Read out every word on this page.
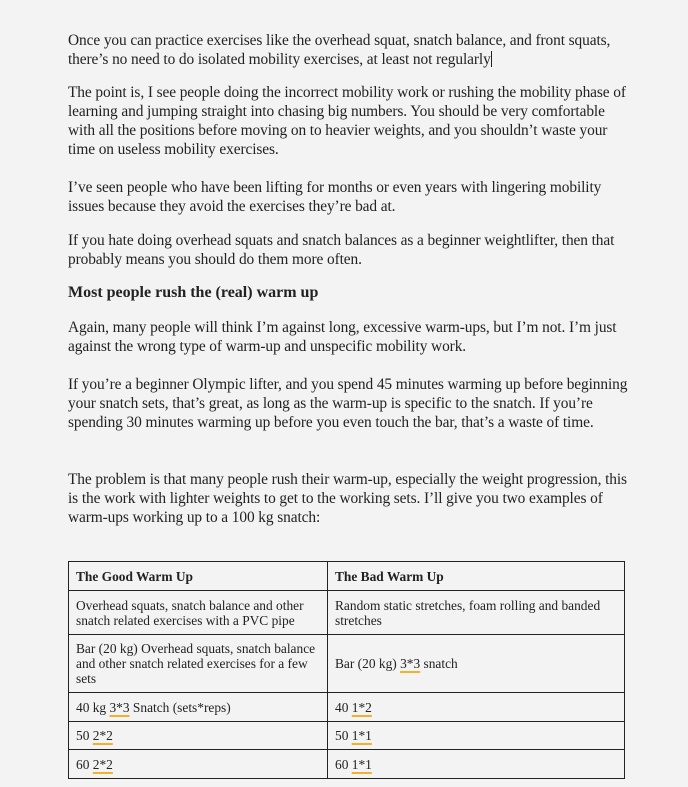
Once you can practice exercises like the overhead squat, snatch balance, and front squats, there’s no need to do isolated mobility exercises, at least not regularly

The point is, I see people doing the incorrect mobility work or rushing the mobility phase of learning and jumping straight into chasing big numbers. You should be very comfortable with all the positions before moving on to heavier weights, and you shouldn’t waste your time on useless mobility exercises.

I’ve seen people who have been lifting for months or even years with lingering mobility issues because they avoid the exercises they’re bad at.

If you hate doing overhead squats and snatch balances as a beginner weightlifter, then that probably means you should do them more often.

Most people rush the (real) warm up

Again, many people will think I’m against long, excessive warm-ups, but I’m not. I’m just against the wrong type of warm-up and unspecific mobility work.

If you’re a beginner Olympic lifter, and you spend 45 minutes warming up before beginning your snatch sets, that’s great, as long as the warm-up is specific to the snatch. If you’re spending 30 minutes warming up before you even touch the bar, that’s a waste of time.

The problem is that many people rush their warm-up, especially the weight progression, this is the work with lighter weights to get to the working sets. I’ll give you two examples of warm-ups working up to a 100 kg snatch:

The Good Warm Up	The Bad Warm Up
Overhead squats, snatch balance and other snatch related exercises with a PVC pipe	Random static stretches, foam rolling and banded stretches
Bar (20 kg) Overhead squats, snatch balance and other snatch related exercises for a few sets	Bar (20 kg) 3*3 snatch
40 kg 3*3 Snatch (sets*reps)	40 1*2
50 2*2	50 1*1
60 2*2	60 1*1
